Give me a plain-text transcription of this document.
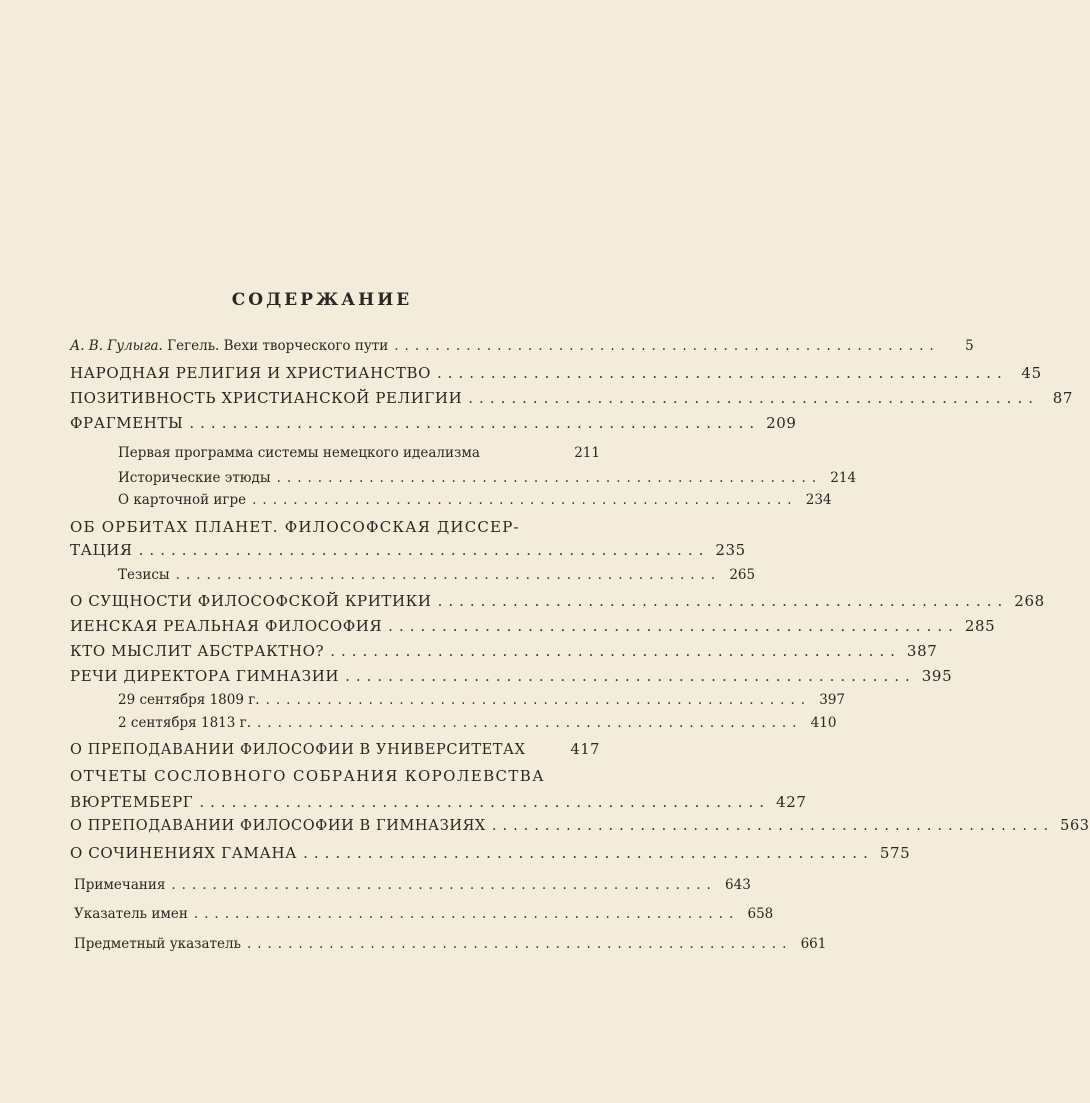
СОДЕРЖАНИЕ
А. В. Гулыга. Гегель. Вехи творческого пути .....................................................	5
НАРОДНАЯ РЕЛИГИЯ И ХРИСТИАНСТВО ..................................................... 45
ПОЗИТИВНОСТЬ ХРИСТИАНСКОЙ РЕЛИГИИ ..................................................... 87
ФРАГМЕНТЫ ..................................................... 209
Первая программа системы немецкого идеализма	211
Исторические этюды ..................................................... 214
О карточной игре ..................................................... 234
ОБ ОРБИТАХ ПЛАНЕТ. ФИЛОСОФСКАЯ ДИССЕР-
ТАЦИЯ ..................................................... 235
Тезисы ..................................................... 265
О СУЩНОСТИ ФИЛОСОФСКОЙ КРИТИКИ ..................................................... 268
ИЕНСКАЯ РЕАЛЬНАЯ ФИЛОСОФИЯ ..................................................... 285
КТО МЫСЛИТ АБСТРАКТНО? ..................................................... 387
РЕЧИ ДИРЕКТОРА ГИМНАЗИИ ..................................................... 395
29 сентября 1809 г. ..................................................... 397
2 сентября 1813 г. ..................................................... 410
О ПРЕПОДАВАНИИ ФИЛОСОФИИ В УНИВЕРСИТЕТАХ	417
ОТЧЕТЫ СОСЛОВНОГО СОБРАНИЯ КОРОЛЕВСТВА
ВЮРТЕМБЕРГ ..................................................... 427
О ПРЕПОДАВАНИИ ФИЛОСОФИИ В ГИМНАЗИЯХ ..................................................... 563
О СОЧИНЕНИЯХ ГАМАНА ..................................................... 575
Примечания ..................................................... 643
Указатель имен ..................................................... 658
Предметный указатель ..................................................... 661
